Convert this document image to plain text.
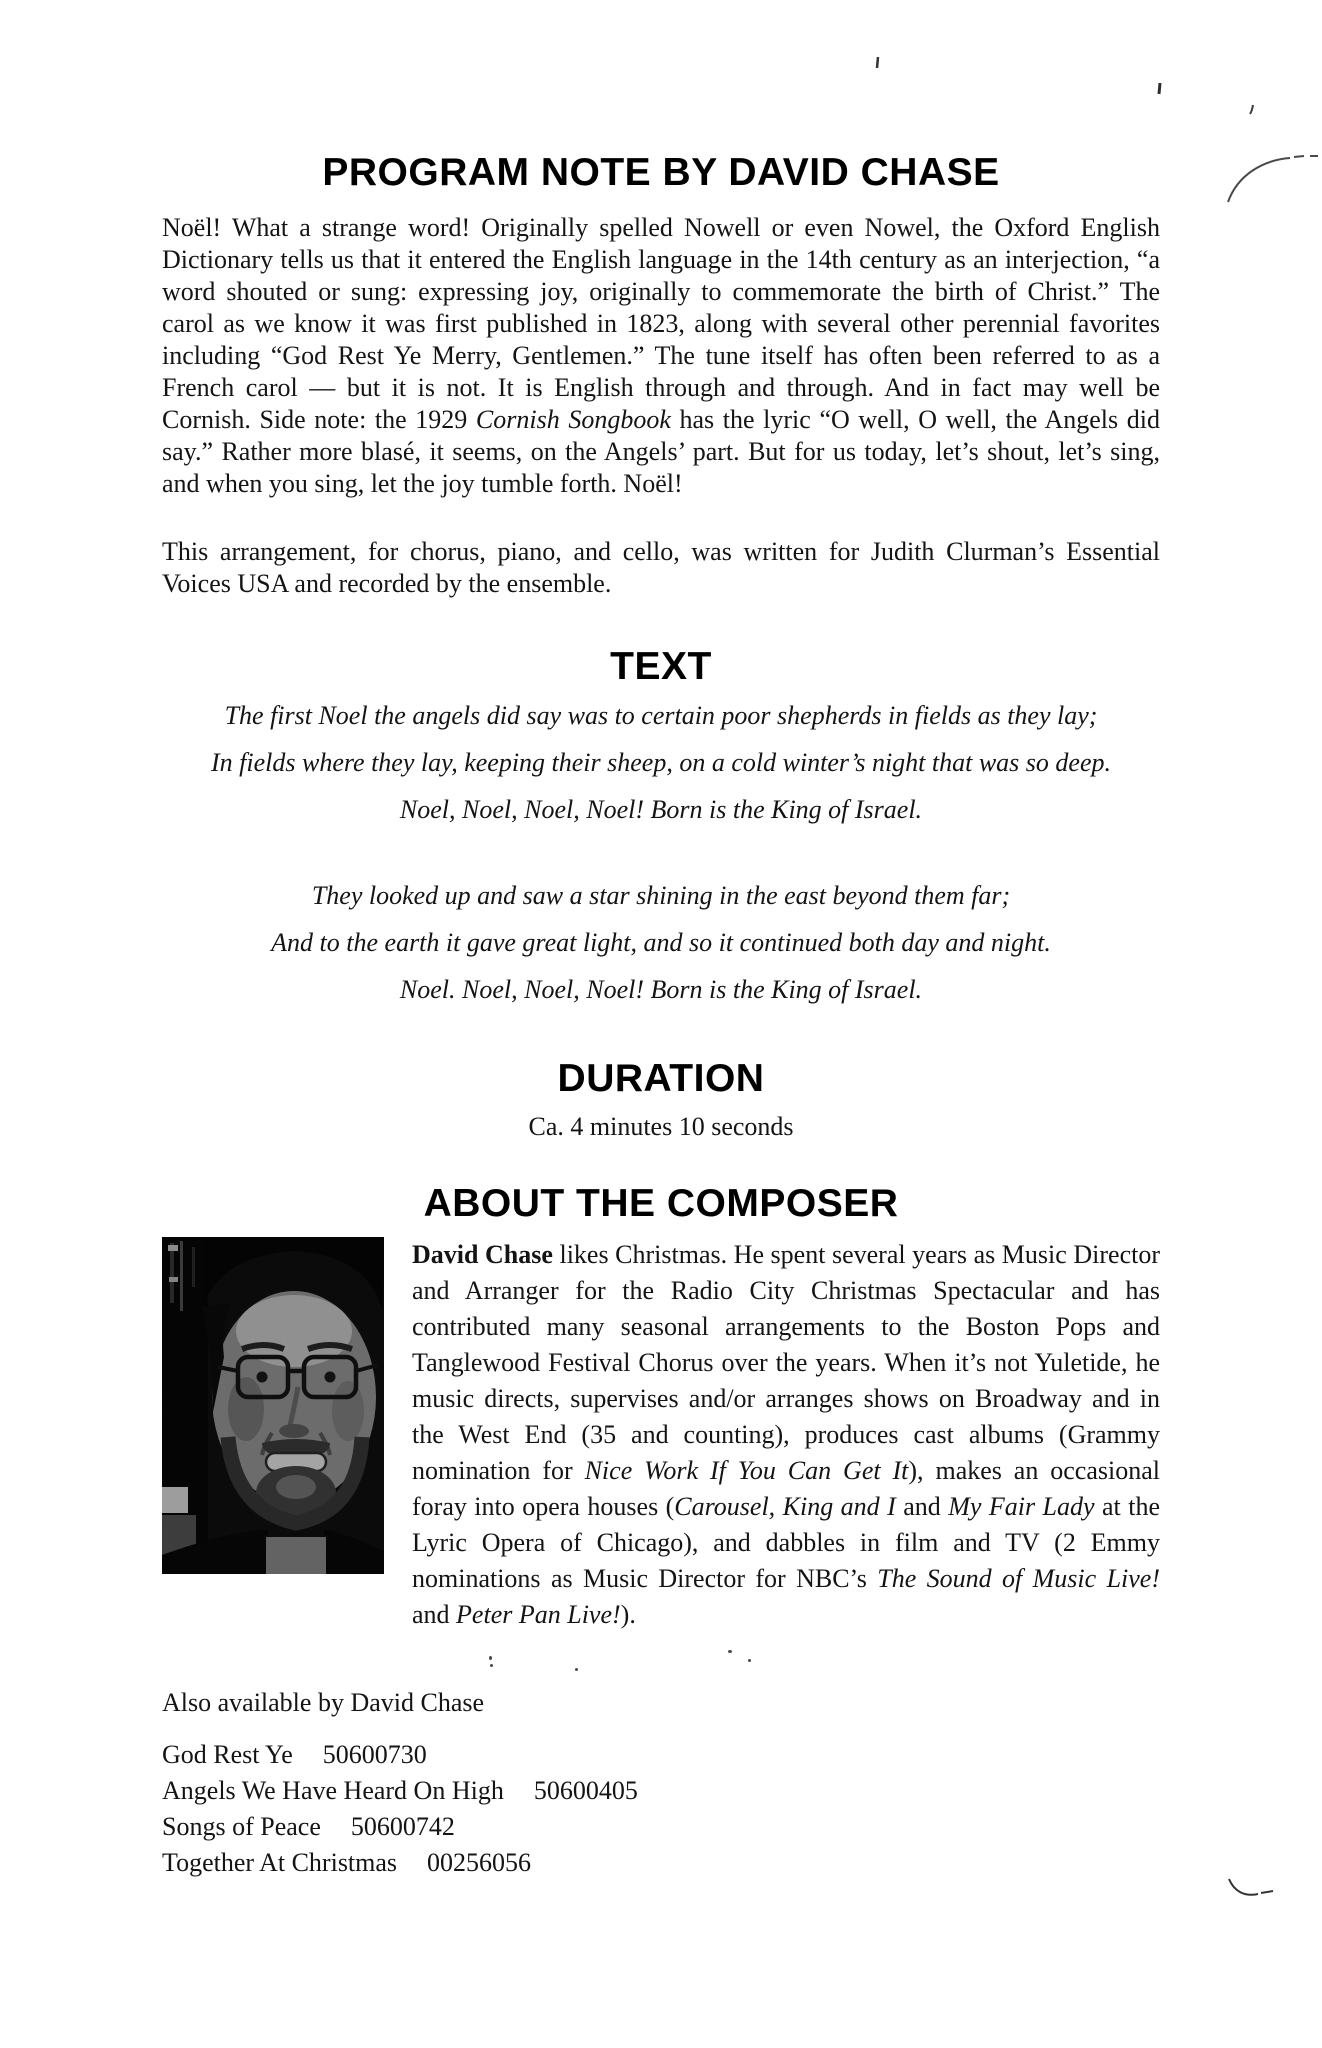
PROGRAM NOTE BY DAVID CHASE
Noël! What a strange word! Originally spelled Nowell or even Nowel, the Oxford English Dictionary tells us that it entered the English language in the 14th century as an interjection, “a word shouted or sung: expressing joy, originally to commemorate the birth of Christ.” The carol as we know it was first published in 1823, along with several other perennial favorites including “God Rest Ye Merry, Gentlemen.” The tune itself has often been referred to as a French carol — but it is not. It is English through and through. And in fact may well be Cornish. Side note: the 1929 Cornish Songbook has the lyric “O well, O well, the Angels did say.” Rather more blasé, it seems, on the Angels’ part. But for us today, let’s shout, let’s sing, and when you sing, let the joy tumble forth. Noël!
This arrangement, for chorus, piano, and cello, was written for Judith Clurman’s Essential Voices USA and recorded by the ensemble.
TEXT
The first Noel the angels did say was to certain poor shepherds in fields as they lay;
In fields where they lay, keeping their sheep, on a cold winter’s night that was so deep.
Noel, Noel, Noel, Noel! Born is the King of Israel.
They looked up and saw a star shining in the east beyond them far;
And to the earth it gave great light, and so it continued both day and night.
Noel. Noel, Noel, Noel! Born is the King of Israel.
DURATION
Ca. 4 minutes 10 seconds
ABOUT THE COMPOSER
David Chase likes Christmas. He spent several years as Music Director and Arranger for the Radio City Christmas Spectacular and has contributed many seasonal arrangements to the Boston Pops and Tanglewood Festival Chorus over the years. When it’s not Yuletide, he music directs, supervises and/or arranges shows on Broadway and in the West End (35 and counting), produces cast albums (Grammy nomination for Nice Work If You Can Get It), makes an occasional foray into opera houses (Carousel, King and I and My Fair Lady at the Lyric Opera of Chicago), and dabbles in film and TV (2 Emmy nominations as Music Director for NBC’s The Sound of Music Live! and Peter Pan Live!).
Also available by David Chase
God Rest Ye 50600730
Angels We Have Heard On High 50600405
Songs of Peace 50600742
Together At Christmas 00256056
